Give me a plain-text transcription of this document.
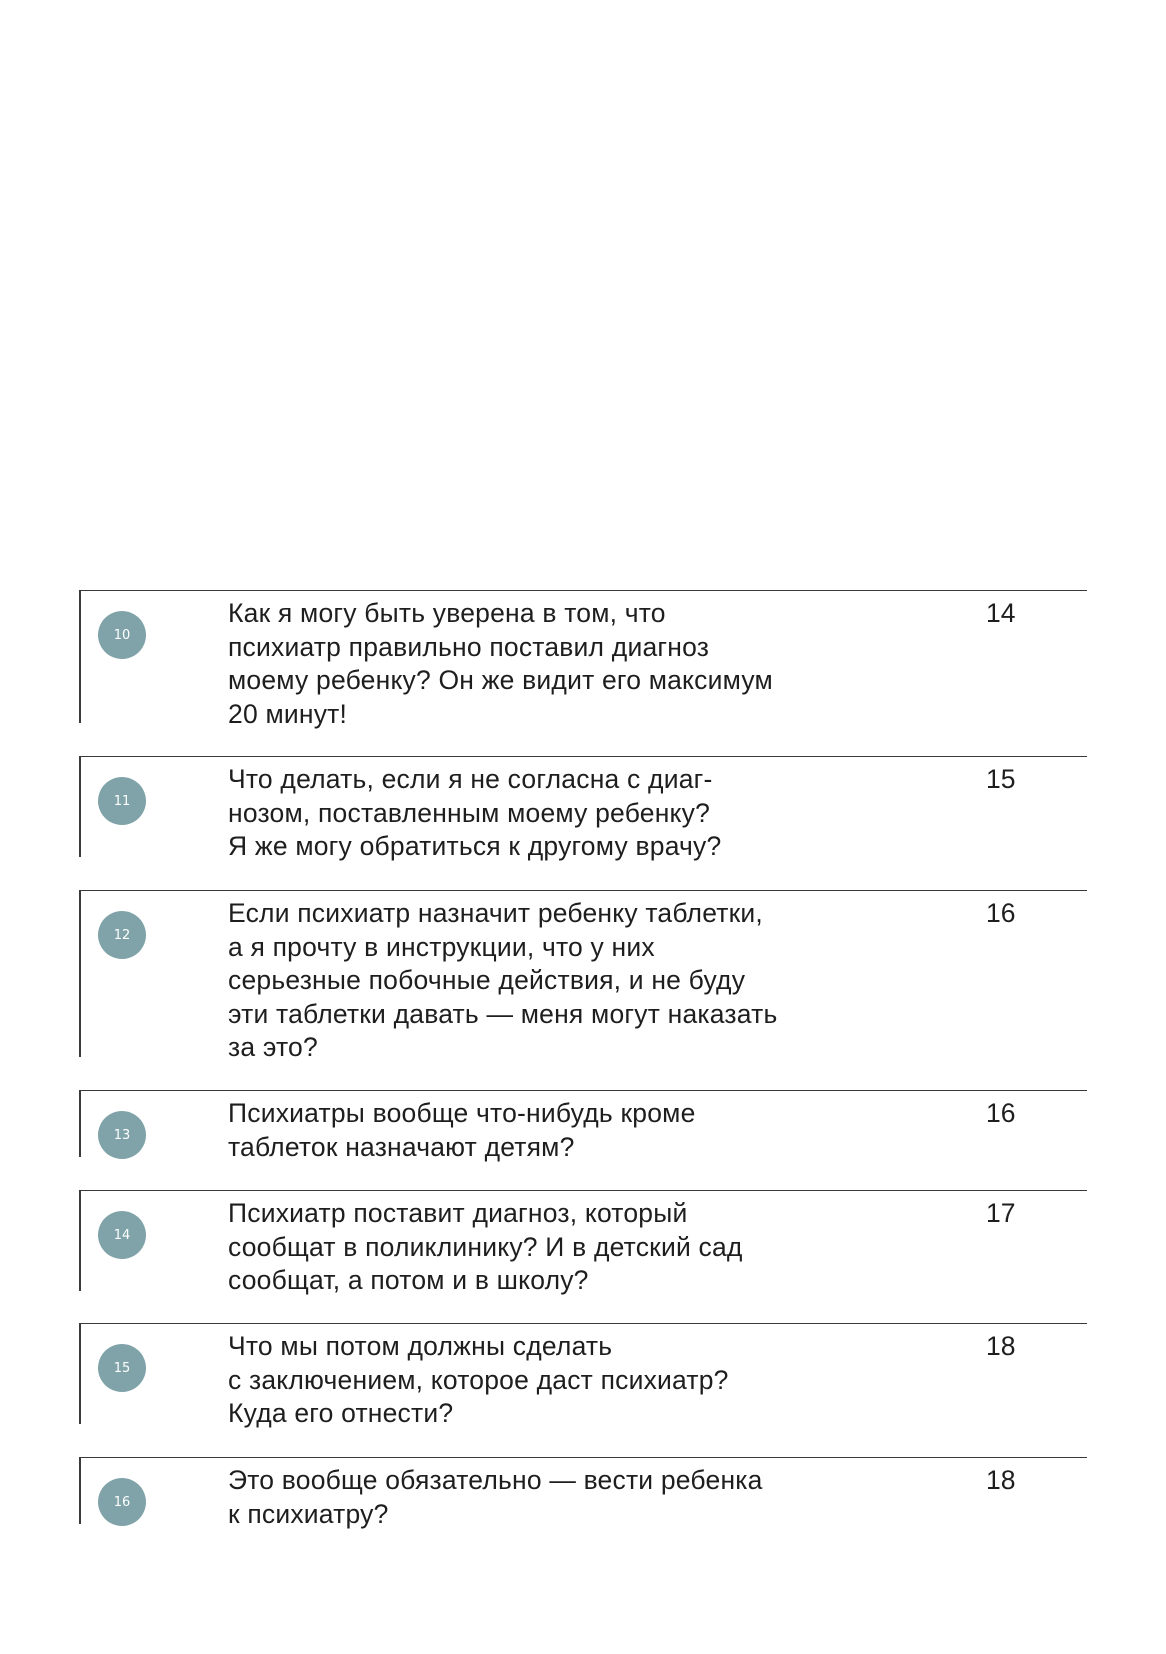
10
Как я могу быть уверена в том, что
психиатр правильно поставил диагноз
моему ребенку? Он же видит его максимум
20 минут!
14
11
Что делать, если я не согласна с диаг-
нозом, поставленным моему ребенку?
Я же могу обратиться к другому врачу?
15
12
Если психиатр назначит ребенку таблетки,
а я прочту в инструкции, что у них
серьезные побочные действия, и не буду
эти таблетки давать — меня могут наказать
за это?
16
13
Психиатры вообще что-нибудь кроме
таблеток назначают детям?
16
14
Психиатр поставит диагноз, который
сообщат в поликлинику? И в детский сад
сообщат, а потом и в школу?
17
15
Что мы потом должны сделать
с заключением, которое даст психиатр?
Куда его отнести?
18
16
Это вообще обязательно — вести ребенка
к психиатру?
18
